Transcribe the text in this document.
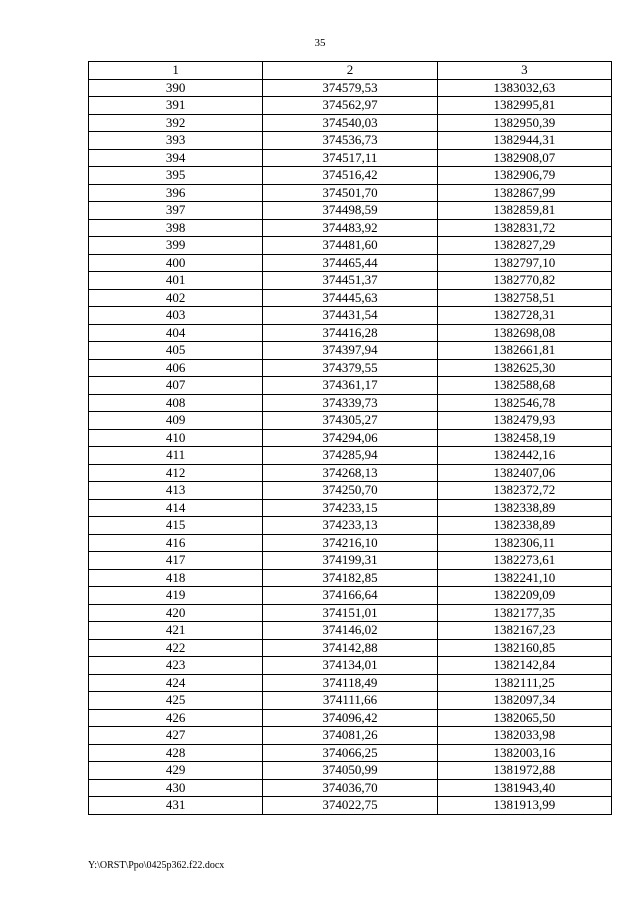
35
1	2	3
390	374579,53	1383032,63
391	374562,97	1382995,81
392	374540,03	1382950,39
393	374536,73	1382944,31
394	374517,11	1382908,07
395	374516,42	1382906,79
396	374501,70	1382867,99
397	374498,59	1382859,81
398	374483,92	1382831,72
399	374481,60	1382827,29
400	374465,44	1382797,10
401	374451,37	1382770,82
402	374445,63	1382758,51
403	374431,54	1382728,31
404	374416,28	1382698,08
405	374397,94	1382661,81
406	374379,55	1382625,30
407	374361,17	1382588,68
408	374339,73	1382546,78
409	374305,27	1382479,93
410	374294,06	1382458,19
411	374285,94	1382442,16
412	374268,13	1382407,06
413	374250,70	1382372,72
414	374233,15	1382338,89
415	374233,13	1382338,89
416	374216,10	1382306,11
417	374199,31	1382273,61
418	374182,85	1382241,10
419	374166,64	1382209,09
420	374151,01	1382177,35
421	374146,02	1382167,23
422	374142,88	1382160,85
423	374134,01	1382142,84
424	374118,49	1382111,25
425	374111,66	1382097,34
426	374096,42	1382065,50
427	374081,26	1382033,98
428	374066,25	1382003,16
429	374050,99	1381972,88
430	374036,70	1381943,40
431	374022,75	1381913,99
Y:\ORST\Ppo\0425p362.f22.docx
